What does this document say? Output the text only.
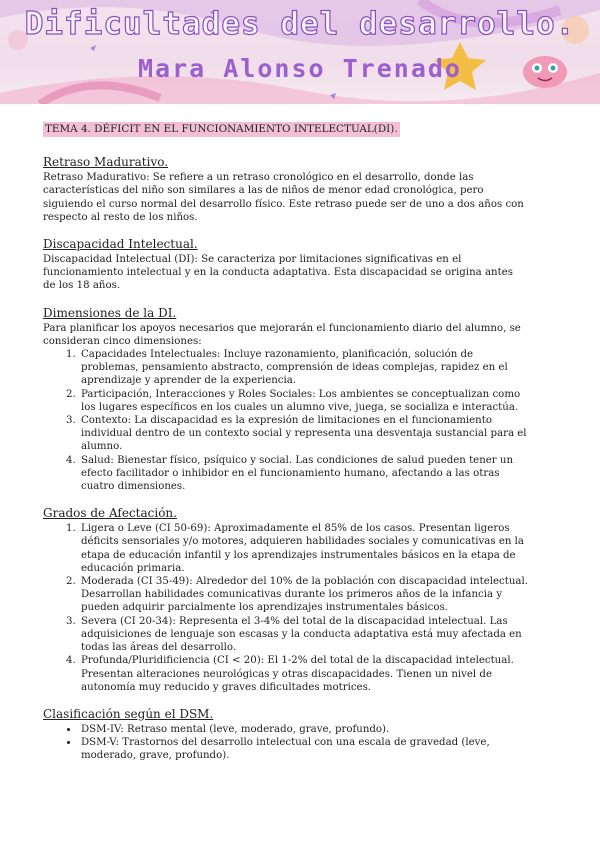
Dificultades del desarrollo.
Mara Alonso Trenado
TEMA 4. DÉFICIT EN EL FUNCIONAMIENTO INTELECTUAL(DI).
Retraso Madurativo.

Retraso Madurativo: Se refiere a un retraso cronológico en el desarrollo, donde las características del niño son similares a las de niños de menor edad cronológica, pero siguiendo el curso normal del desarrollo físico. Este retraso puede ser de uno a dos años con respecto al resto de los niños.

Discapacidad Intelectual.

Discapacidad Intelectual (DI): Se caracteriza por limitaciones significativas en el funcionamiento intelectual y en la conducta adaptativa. Esta discapacidad se origina antes de los 18 años.

Dimensiones de la DI.

Para planificar los apoyos necesarios que mejorarán el funcionamiento diario del alumno, se consideran cinco dimensiones:

1. Capacidades Intelectuales: Incluye razonamiento, planificación, solución de problemas, pensamiento abstracto, comprensión de ideas complejas, rapidez en el aprendizaje y aprender de la experiencia.
2. Participación, Interacciones y Roles Sociales: Los ambientes se conceptualizan como los lugares específicos en los cuales un alumno vive, juega, se socializa e interactúa.
3. Contexto: La discapacidad es la expresión de limitaciones en el funcionamiento individual dentro de un contexto social y representa una desventaja sustancial para el alumno.
4. Salud: Bienestar físico, psíquico y social. Las condiciones de salud pueden tener un efecto facilitador o inhibidor en el funcionamiento humano, afectando a las otras cuatro dimensiones.
Grados de Afectación.
1. Ligera o Leve (CI 50-69): Aproximadamente el 85% de los casos. Presentan ligeros déficits sensoriales y/o motores, adquieren habilidades sociales y comunicativas en la etapa de educación infantil y los aprendizajes instrumentales básicos en la etapa de educación primaria.
2. Moderada (CI 35-49): Alrededor del 10% de la población con discapacidad intelectual. Desarrollan habilidades comunicativas durante los primeros años de la infancia y pueden adquirir parcialmente los aprendizajes instrumentales básicos.
3. Severa (CI 20-34): Representa el 3-4% del total de la discapacidad intelectual. Las adquisiciones de lenguaje son escasas y la conducta adaptativa está muy afectada en todas las áreas del desarrollo.
4. Profunda/Pluridificiencia (CI < 20): El 1-2% del total de la discapacidad intelectual. Presentan alteraciones neurológicas y otras discapacidades. Tienen un nivel de autonomía muy reducido y graves dificultades motrices.
Clasificación según el DSM.
• DSM-IV: Retraso mental (leve, moderado, grave, profundo).
• DSM-V: Trastornos del desarrollo intelectual con una escala de gravedad (leve, moderado, grave, profundo).
